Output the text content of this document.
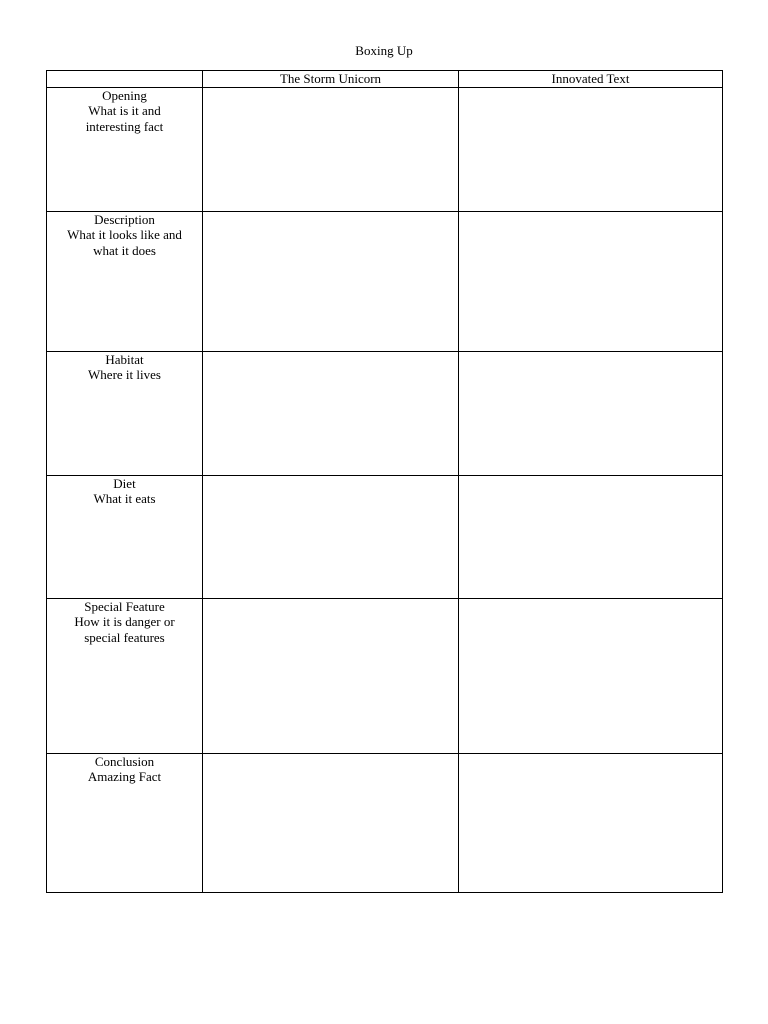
Boxing Up
	The Storm Unicorn	Innovated Text

Opening
What is it and
interesting fact		

Description
What it looks like and
what it does		

Habitat
Where it lives		

Diet
What it eats		

Special Feature
How it is danger or
special features		

Conclusion
Amazing Fact		
